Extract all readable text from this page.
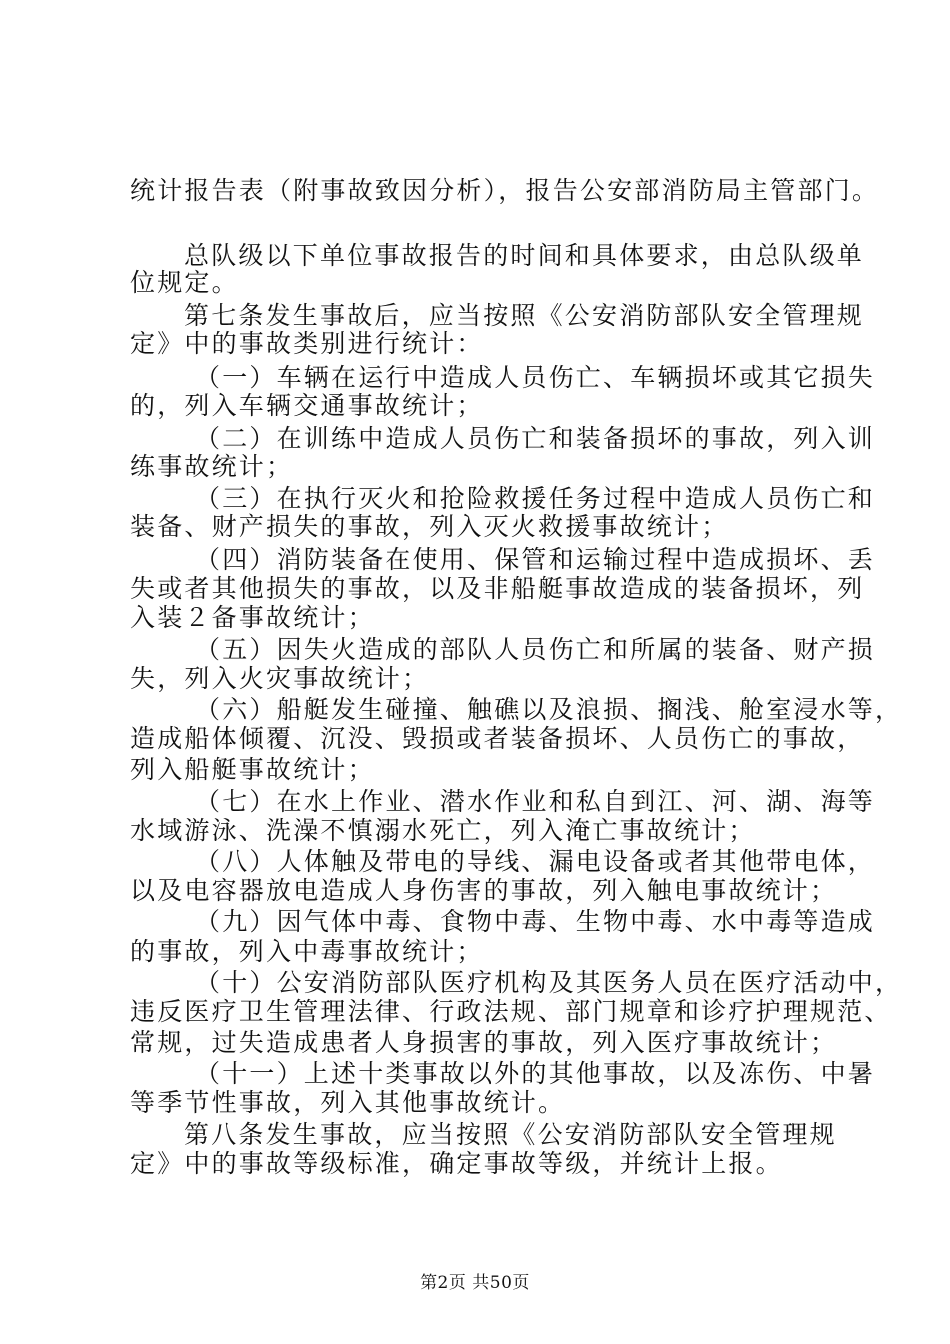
统计报告表（附事故致因分析），报告公安部消防局主管部门。
总队级以下单位事故报告的时间和具体要求，由总队级单
位规定。
第七条发生事故后，应当按照《公安消防部队安全管理规
定》中的事故类别进行统计：
（一）车辆在运行中造成人员伤亡、车辆损坏或其它损失
的，列入车辆交通事故统计；
（二）在训练中造成人员伤亡和装备损坏的事故，列入训
练事故统计；
（三）在执行灭火和抢险救援任务过程中造成人员伤亡和
装备、财产损失的事故，列入灭火救援事故统计；
（四）消防装备在使用、保管和运输过程中造成损坏、丢
失或者其他损失的事故，以及非船艇事故造成的装备损坏，列
入装２备事故统计；
（五）因失火造成的部队人员伤亡和所属的装备、财产损
失，列入火灾事故统计；
（六）船艇发生碰撞、触礁以及浪损、搁浅、舱室浸水等，
造成船体倾覆、沉没、毁损或者装备损坏、人员伤亡的事故，
列入船艇事故统计；
（七）在水上作业、潜水作业和私自到江、河、湖、海等
水域游泳、洗澡不慎溺水死亡，列入淹亡事故统计；
（八）人体触及带电的导线、漏电设备或者其他带电体，
以及电容器放电造成人身伤害的事故，列入触电事故统计；
（九）因气体中毒、食物中毒、生物中毒、水中毒等造成
的事故，列入中毒事故统计；
（十）公安消防部队医疗机构及其医务人员在医疗活动中，
违反医疗卫生管理法律、行政法规、部门规章和诊疗护理规范、
常规，过失造成患者人身损害的事故，列入医疗事故统计；
（十一）上述十类事故以外的其他事故，以及冻伤、中暑
等季节性事故，列入其他事故统计。
第八条发生事故，应当按照《公安消防部队安全管理规
定》中的事故等级标准，确定事故等级，并统计上报。
第2页 共50页
